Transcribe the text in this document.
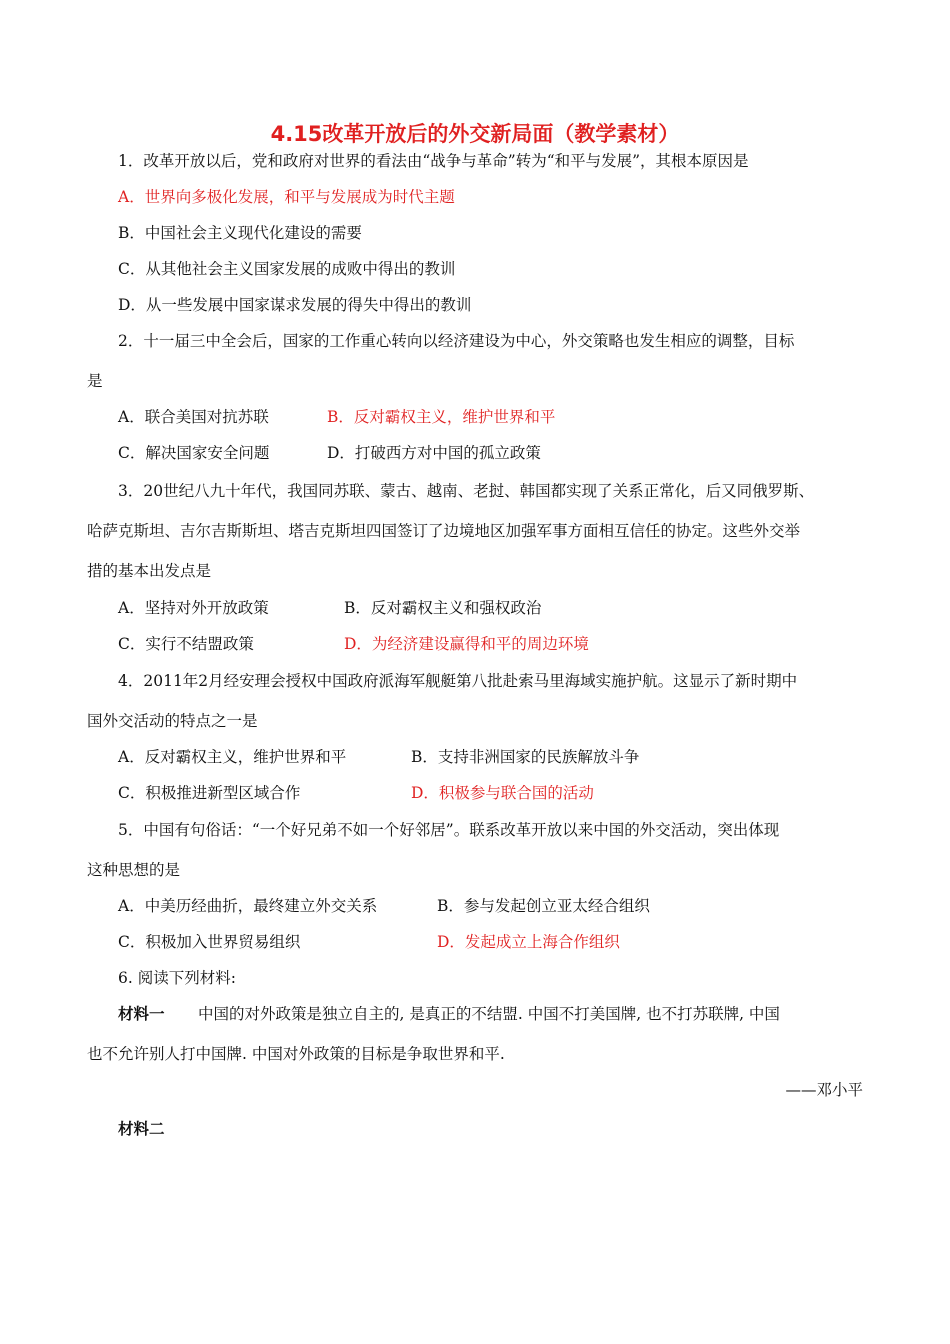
4.15改革开放后的外交新局面（教学素材）
1．改革开放以后，党和政府对世界的看法由“战争与革命”转为“和平与发展”，其根本原因是
A．世界向多极化发展，和平与发展成为时代主题
B．中国社会主义现代化建设的需要
C．从其他社会主义国家发展的成败中得出的教训
D．从一些发展中国家谋求发展的得失中得出的教训
2．十一届三中全会后，国家的工作重心转向以经济建设为中心，外交策略也发生相应的调整，目标
是
A．联合美国对抗苏联	B．反对霸权主义，维护世界和平
C．解决国家安全问题	D．打破西方对中国的孤立政策
3．20世纪八九十年代，我国同苏联、蒙古、越南、老挝、韩国都实现了关系正常化，后又同俄罗斯、
哈萨克斯坦、吉尔吉斯斯坦、塔吉克斯坦四国签订了边境地区加强军事方面相互信任的协定。这些外交举
措的基本出发点是
A．坚持对外开放政策	B．反对霸权主义和强权政治
C．实行不结盟政策	D．为经济建设赢得和平的周边环境
4．2011年2月经安理会授权中国政府派海军舰艇第八批赴索马里海域实施护航。这显示了新时期中
国外交活动的特点之一是
A．反对霸权主义，维护世界和平	B．支持非洲国家的民族解放斗争
C．积极推进新型区域合作	D．积极参与联合国的活动
5．中国有句俗话：“一个好兄弟不如一个好邻居”。联系改革开放以来中国的外交活动，突出体现
这种思想的是
A．中美历经曲折，最终建立外交关系	B．参与发起创立亚太经合组织
C．积极加入世界贸易组织	D．发起成立上海合作组织
6. 阅读下列材料:
材料一 中国的对外政策是独立自主的, 是真正的不结盟. 中国不打美国牌, 也不打苏联牌, 中国
也不允许别人打中国牌. 中国对外政策的目标是争取世界和平.
——邓小平
材料二
